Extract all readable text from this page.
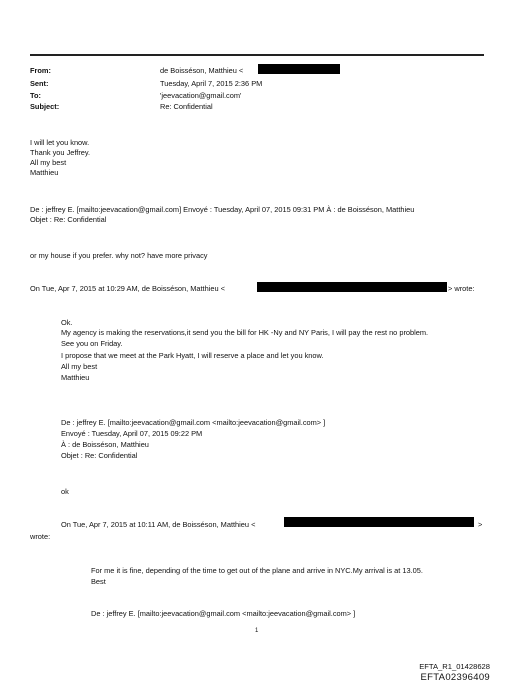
From:	de Boisséson, Matthieu <
Sent:	Tuesday, April 7, 2015 2:36 PM
To:	'jeevacation@gmail.com'
Subject:	Re: Confidential
I will let you know.
Thank you Jeffrey.
All my best
Matthieu
De : jeffrey E. [mailto:jeevacation@gmail.com] Envoyé : Tuesday, April 07, 2015 09:31 PM À : de Boisséson, Matthieu
Objet : Re: Confidential
or my house if you prefer. why not? have more privacy
On Tue, Apr 7, 2015 at 10:29 AM, de Boisséson, Matthieu <	> wrote:
Ok.
My agency is making the reservations,it send you the bill for HK -Ny and NY Paris, I will pay the rest no problem.
See you on Friday.
I propose that we meet at the Park Hyatt, I will reserve a place and let you know.
All my best
Matthieu
De : jeffrey E. [mailto:jeevacation@gmail.com <mailto:jeevacation@gmail.com> ]
Envoyé : Tuesday, April 07, 2015 09:22 PM
À : de Boisséson, Matthieu
Objet : Re: Confidential
ok
On Tue, Apr 7, 2015 at 10:11 AM, de Boisséson, Matthieu <	>
wrote:
For me it is fine, depending of the time to get out of the plane and arrive in NYC.My arrival is at 13.05.
Best
De : jeffrey E. [mailto:jeevacation@gmail.com <mailto:jeevacation@gmail.com> ]
1
EFTA_R1_01428628
EFTA02396409
